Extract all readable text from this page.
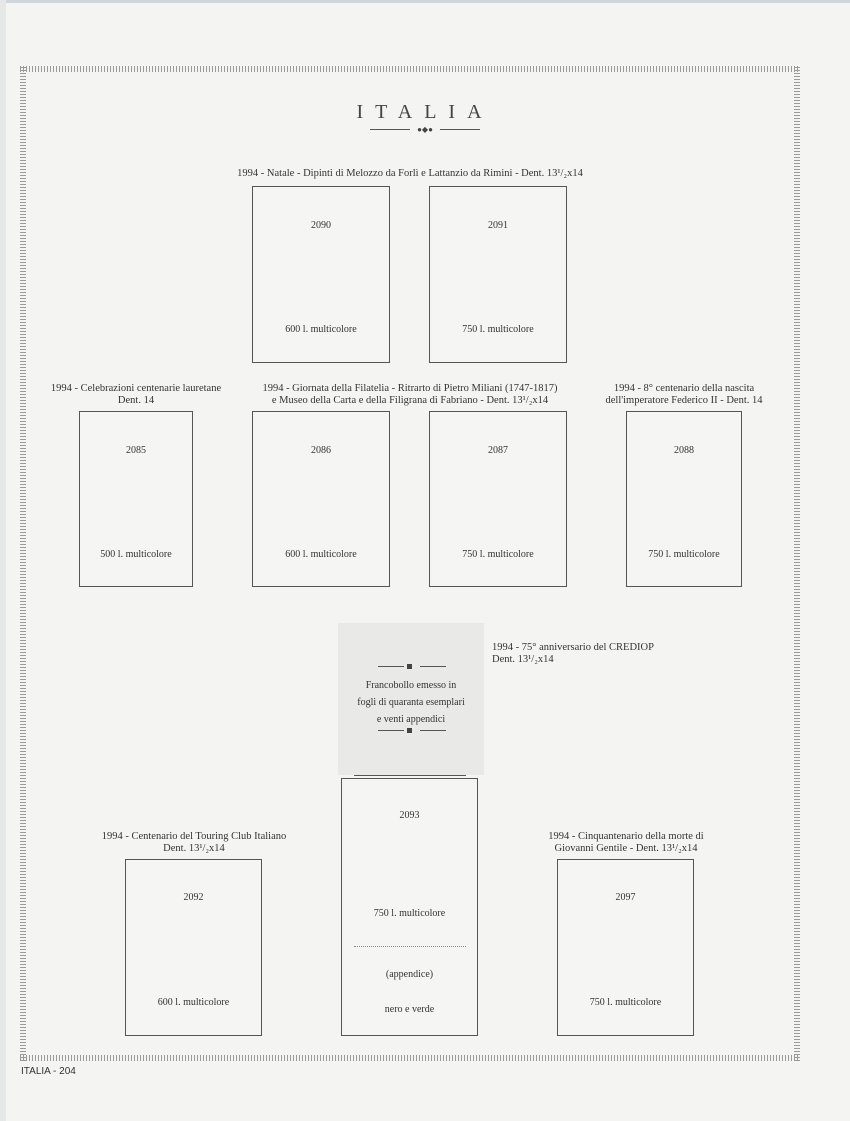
ITALIA
●◆●
1994 - Natale - Dipinti di Melozzo da Forlì e Lattanzio da Rimini - Dent. 13¹/₂x14
2090
600 l. multicolore
2091
750 l. multicolore
1994 - Celebrazioni centenarie lauretane
Dent. 14
1994 - Giornata della Filatelia - Ritrarto di Pietro Miliani (1747-1817)
e Museo della Carta e della Filigrana di Fabriano - Dent. 13¹/₂x14
1994 - 8° centenario della nascita
dell'imperatore Federico II - Dent. 14
2085
500 l. multicolore
2086
600 l. multicolore
2087
750 l. multicolore
2088
750 l. multicolore
Francobollo emesso in
fogli di quaranta esemplari
e venti appendici
1994 - 75° anniversario del CREDIOP
Dent. 13¹/₂x14
2093
750 l. multicolore
(appendice)
nero e verde
1994 - Centenario del Touring Club Italiano
Dent. 13¹/₂x14
1994 - Cinquantenario della morte di
Giovanni Gentile - Dent. 13¹/₂x14
2092
600 l. multicolore
2097
750 l. multicolore
ITALIA - 204
